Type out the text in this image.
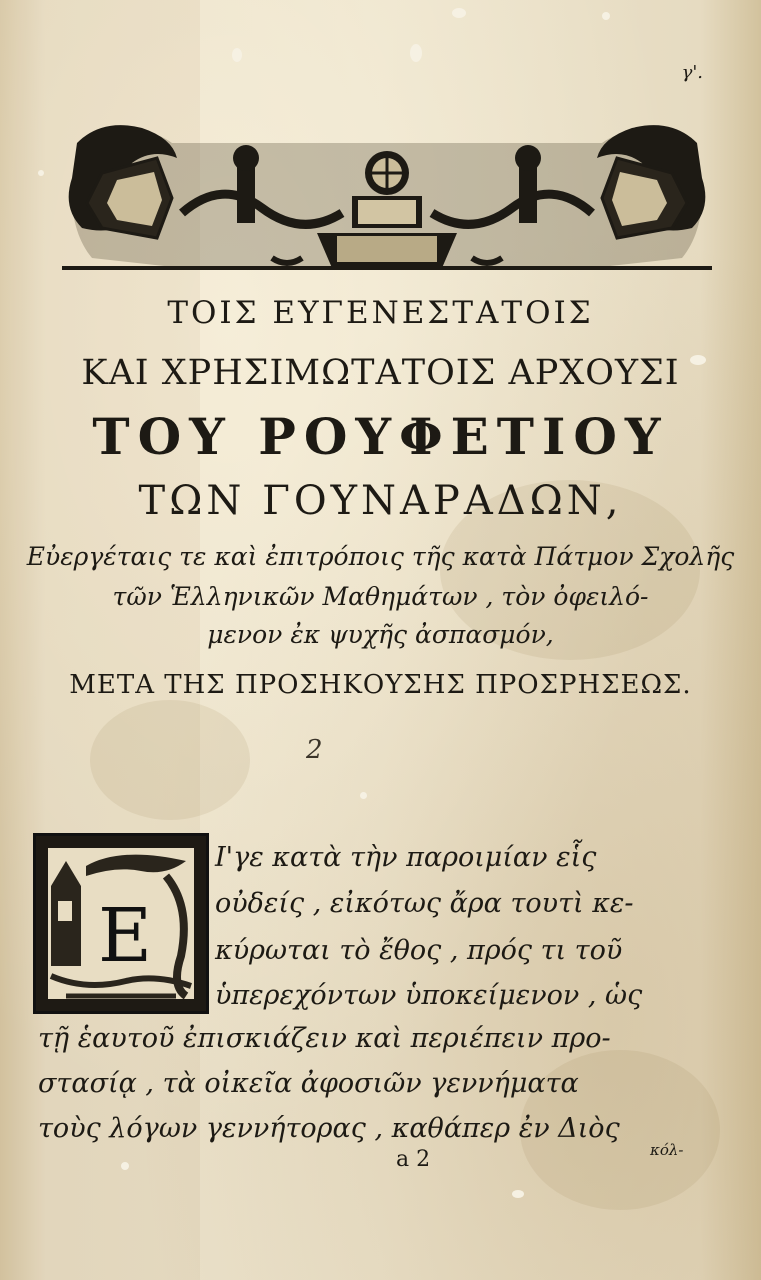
γ'.
ΤΟΙΣ ΕΥΓΕΝΕΣΤΑΤΟΙΣ
ΚΑΙ ΧΡΗΣΙΜΩΤΑΤΟΙΣ ΑΡΧΟΥΣΙ
ΤΟΥ ΡΟΥΦΕΤΙΟΥ
ΤΩΝ ΓΟΥΝΑΡΑΔΩΝ,
Εὐεργέταις τε καὶ ἐπιτρόποις τῆς κατὰ Πάτμον Σχολῆς
τῶν Ἑλληνικῶν Μαθημάτων , τὸν ὀφειλό-
μενον ἐκ ψυχῆς ἀσπασμόν,
ΜΕΤΑ ΤΗΣ ΠΡΟΣΗΚΟΥΣΗΣ ΠΡΟΣΡΗΣΕΩΣ.
2
E
Ι'γε κατὰ τὴν παροιμίαν εἷς
οὐδείς , εἰκότως ἄρα τουτὶ κε-
κύρωται τὸ ἔθος , πρός τι τοῦ
ὑπερεχόντων ὑποκείμενον , ὡς
τῇ ἑαυτοῦ ἐπισκιάζειν καὶ περιέπειν προ-
στασίᾳ , τὰ οἰκεῖα ἀφοσιῶν γεννήματα
τοὺς λόγων γεννήτορας , καθάπερ ἐν Διὸς
a 2	κόλ-
